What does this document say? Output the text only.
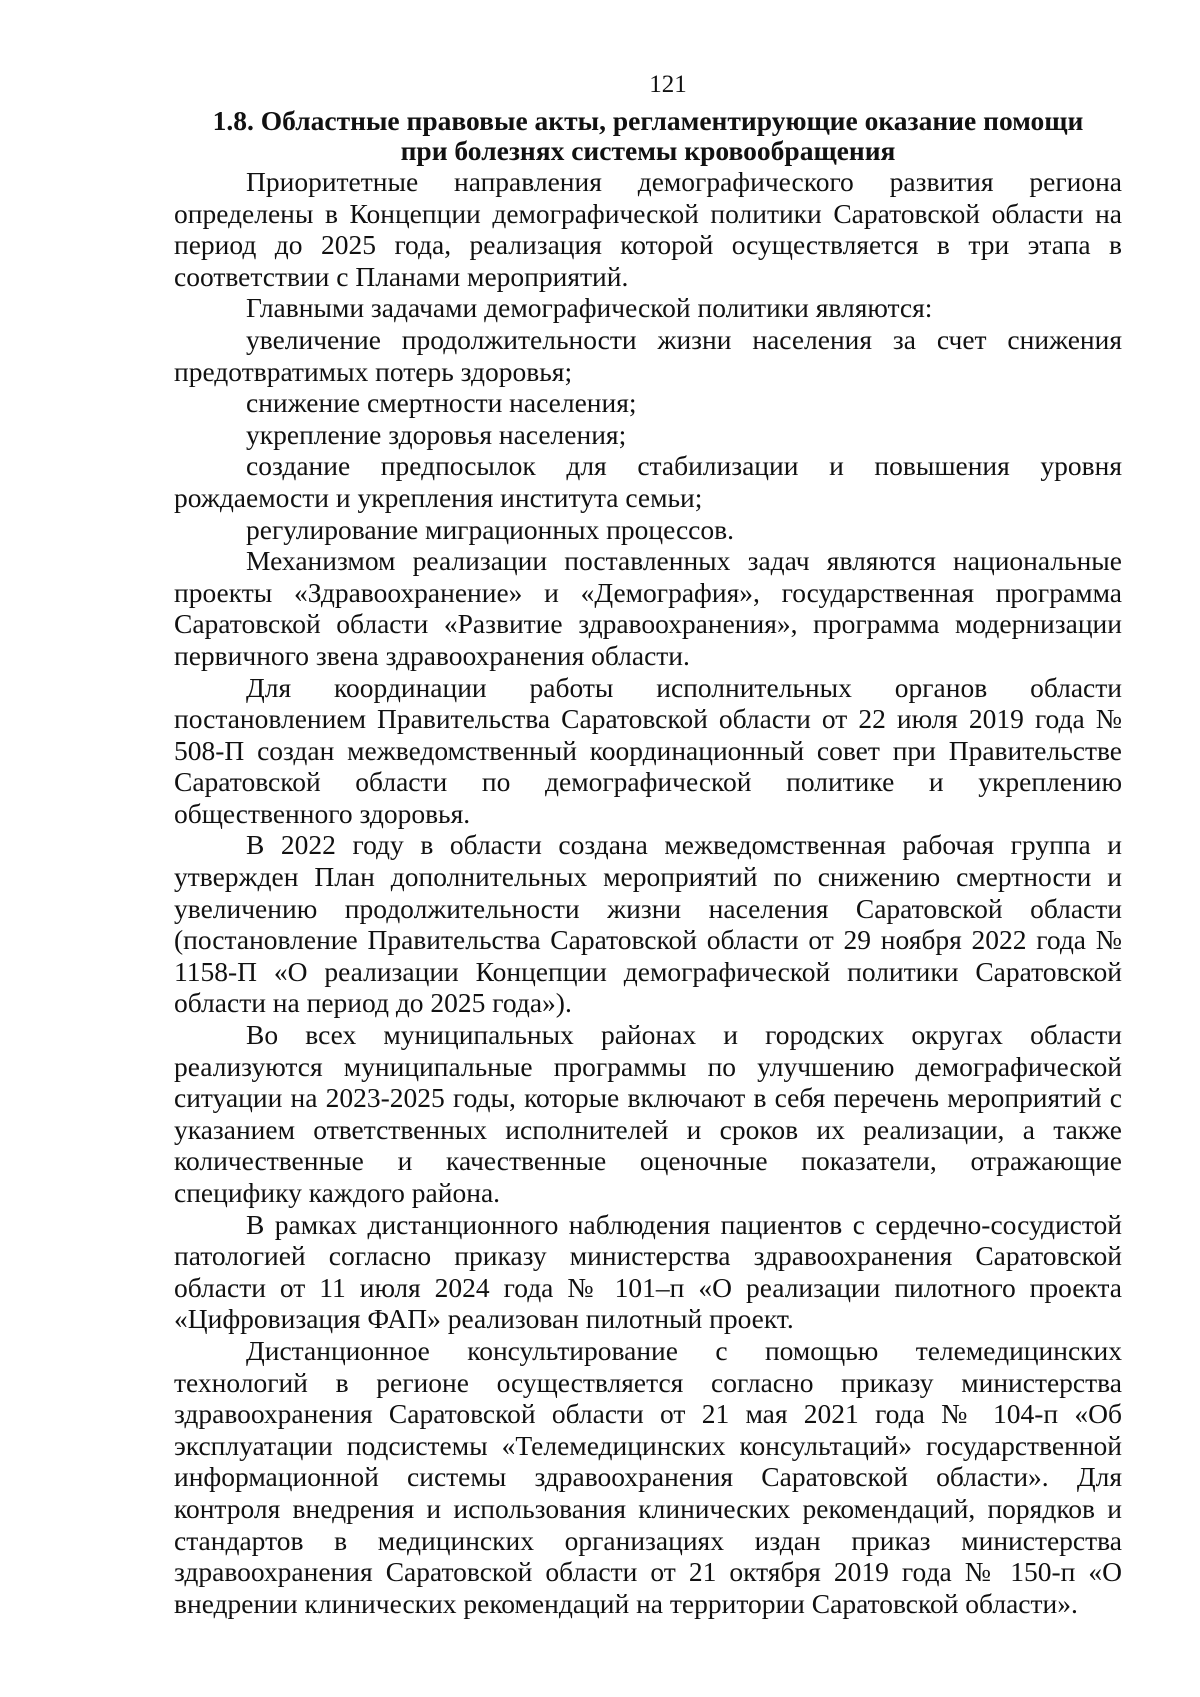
121
1.8. Областные правовые акты, регламентирующие оказание помощи
при болезнях системы кровообращения

Приоритетные направления демографического развития региона определены в Концепции демографической политики Саратовской области на период до 2025 года, реализация которой осуществляется в три этапа в соответствии с Планами мероприятий.

Главными задачами демографической политики являются:

увеличение продолжительности жизни населения за счет снижения предотвратимых потерь здоровья;

снижение смертности населения;

укрепление здоровья населения;

создание предпосылок для стабилизации и повышения уровня рождаемости и укрепления института семьи;

регулирование миграционных процессов.

Механизмом реализации поставленных задач являются национальные проекты «Здравоохранение» и «Демография», государственная программа Саратовской области «Развитие здравоохранения», программа модернизации первичного звена здравоохранения области.

Для координации работы исполнительных органов области постановлением Правительства Саратовской области от 22 июля 2019 года № 508-П создан межведомственный координационный совет при Правительстве Саратовской области по демографической политике и укреплению общественного здоровья.

В 2022 году в области создана межведомственная рабочая группа и утвержден План дополнительных мероприятий по снижению смертности и увеличению продолжительности жизни населения Саратовской области (постановление Правительства Саратовской области от 29 ноября 2022 года № 1158-П «О реализации Концепции демографической политики Саратовской области на период до 2025 года»).

Во всех муниципальных районах и городских округах области реализуются муниципальные программы по улучшению демографической ситуации на 2023-2025 годы, которые включают в себя перечень мероприятий с указанием ответственных исполнителей и сроков их реализации, а также количественные и качественные оценочные показатели, отражающие специфику каждого района.

В рамках дистанционного наблюдения пациентов с сердечно-сосудистой патологией согласно приказу министерства здравоохранения Саратовской области от 11 июля 2024 года № 101–п «О реализации пилотного проекта «Цифровизация ФАП» реализован пилотный проект.

Дистанционное консультирование с помощью телемедицинских технологий в регионе осуществляется согласно приказу министерства здравоохранения Саратовской области от 21 мая 2021 года № 104-п «Об эксплуатации подсистемы «Телемедицинских консультаций» государственной информационной системы здравоохранения Саратовской области». Для контроля внедрения и использования клинических рекомендаций, порядков и стандартов в медицинских организациях издан приказ министерства здравоохранения Саратовской области от 21 октября 2019 года № 150-п «О внедрении клинических рекомендаций на территории Саратовской области».
